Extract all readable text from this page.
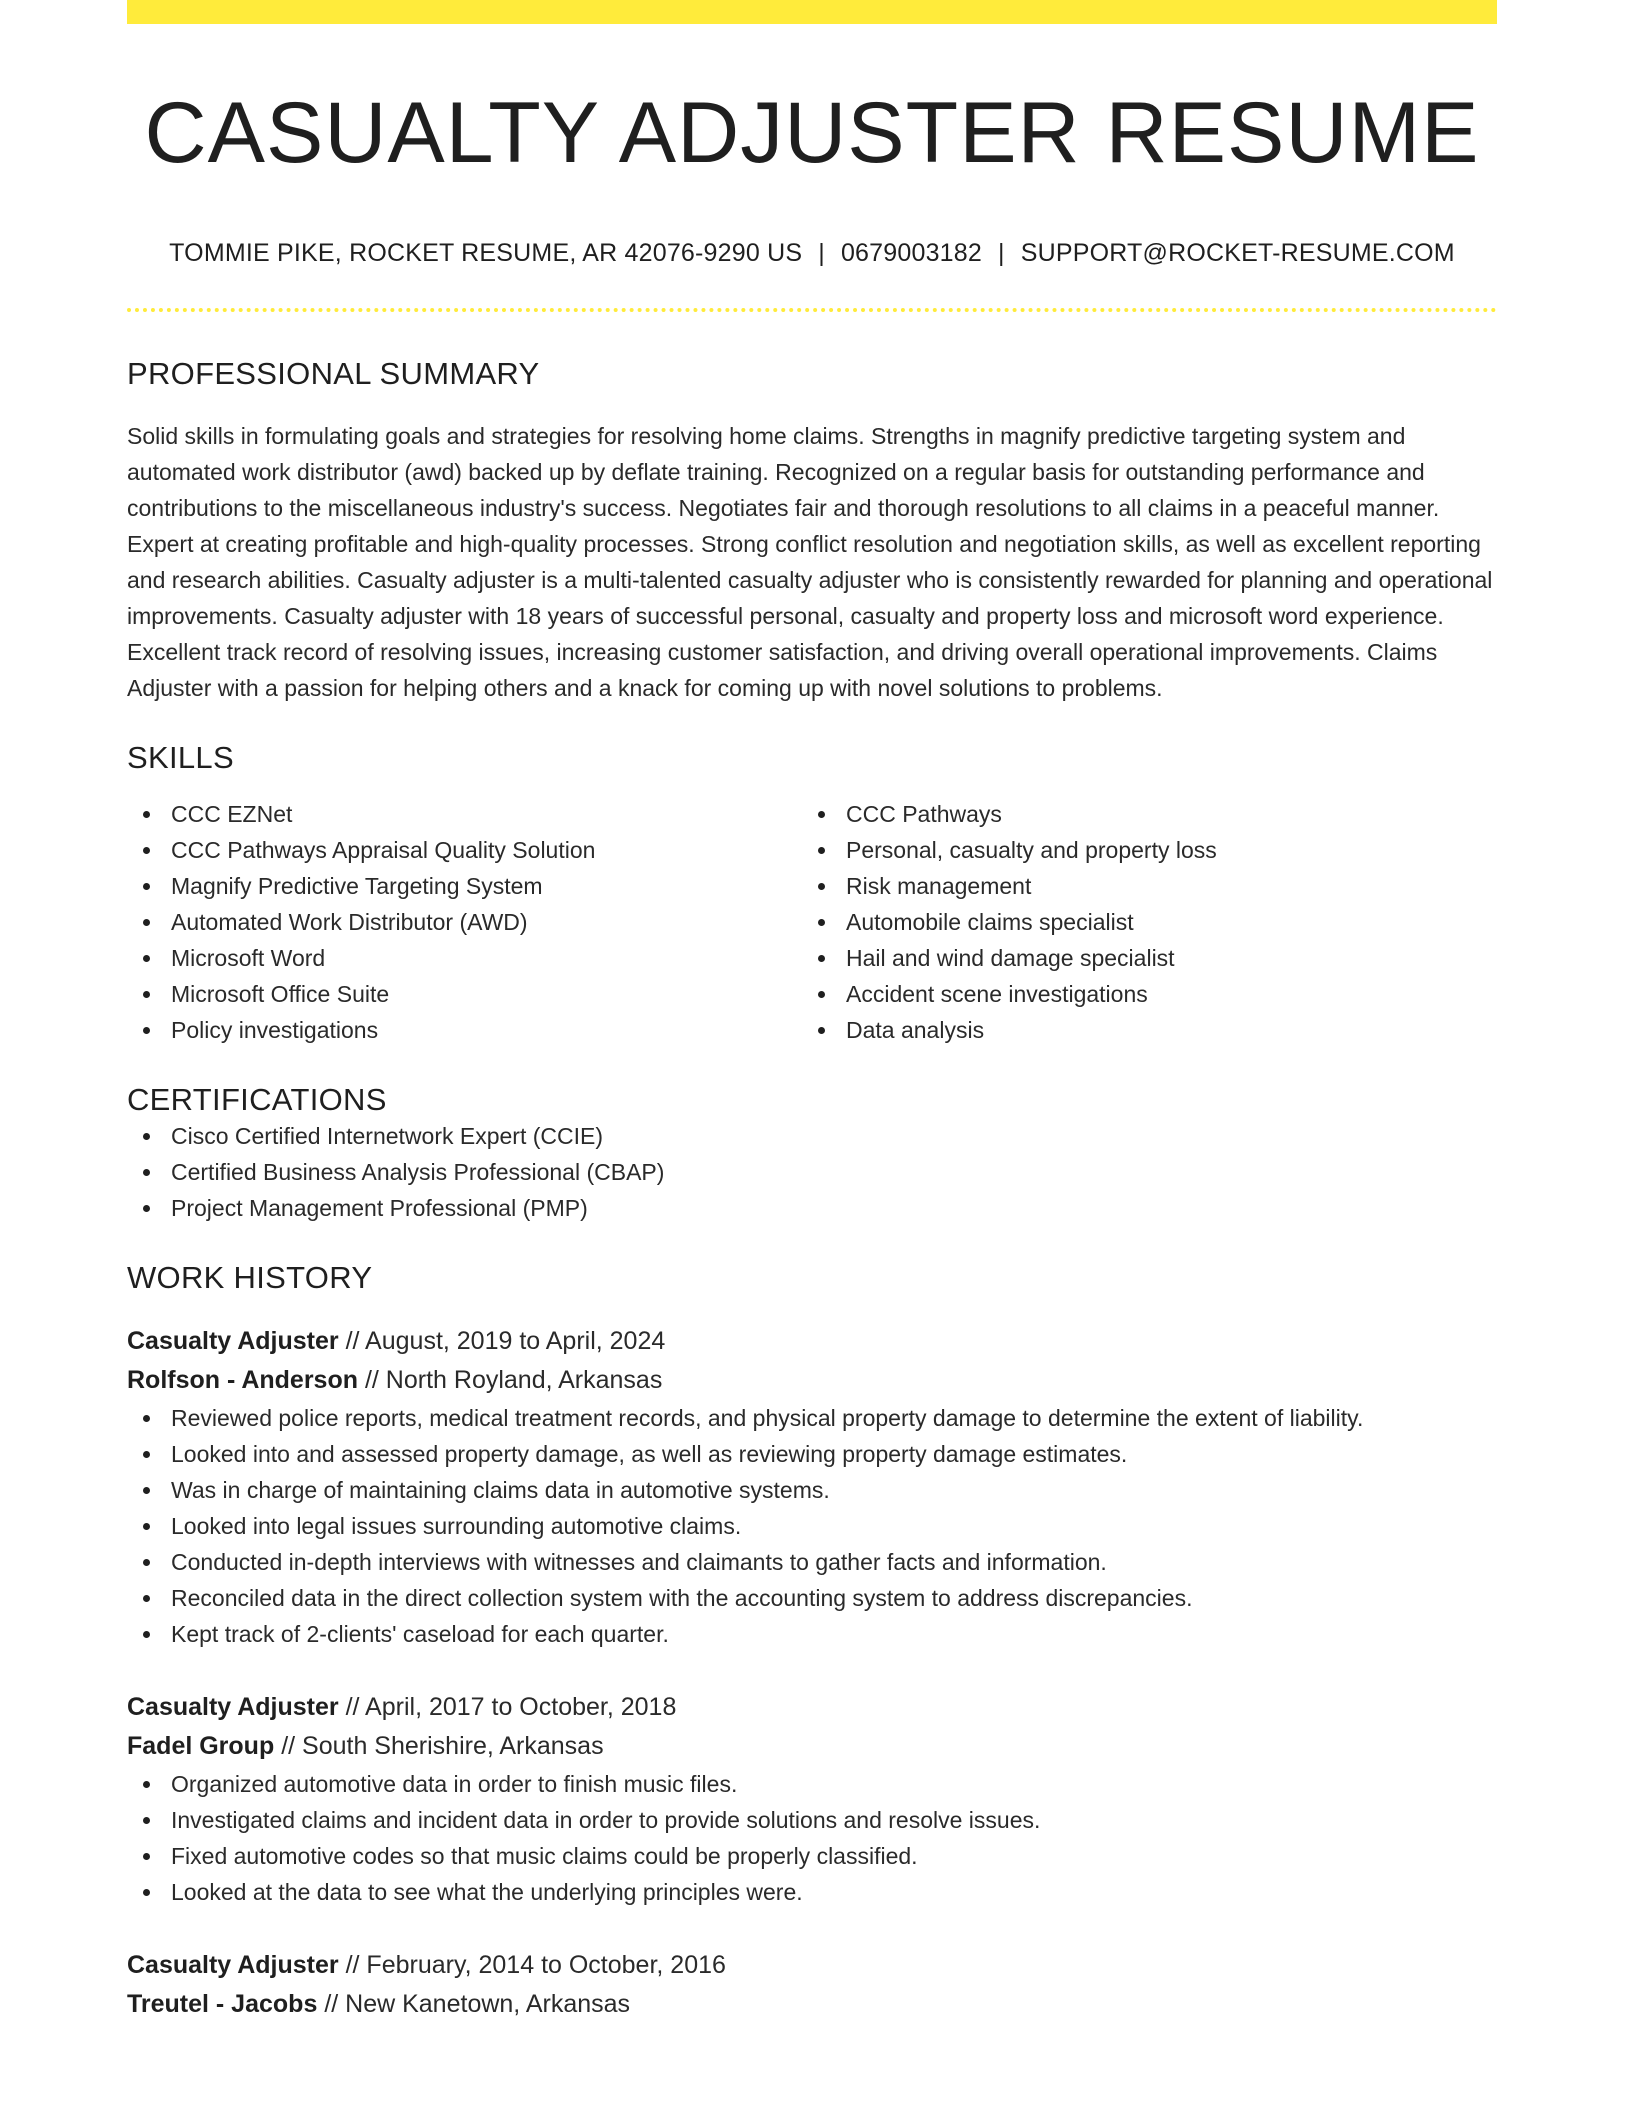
CASUALTY ADJUSTER RESUME
TOMMIE PIKE, ROCKET RESUME, AR 42076-9290 US | 0679003182 | SUPPORT@ROCKET-RESUME.COM
PROFESSIONAL SUMMARY

Solid skills in formulating goals and strategies for resolving home claims. Strengths in magnify predictive targeting system and automated work distributor (awd) backed up by deflate training. Recognized on a regular basis for outstanding performance and contributions to the miscellaneous industry's success. Negotiates fair and thorough resolutions to all claims in a peaceful manner. Expert at creating profitable and high-quality processes. Strong conflict resolution and negotiation skills, as well as excellent reporting and research abilities. Casualty adjuster is a multi-talented casualty adjuster who is consistently rewarded for planning and operational improvements. Casualty adjuster with 18 years of successful personal, casualty and property loss and microsoft word experience. Excellent track record of resolving issues, increasing customer satisfaction, and driving overall operational improvements. Claims Adjuster with a passion for helping others and a knack for coming up with novel solutions to problems.

SKILLS
CCC EZNet
CCC Pathways Appraisal Quality Solution
Magnify Predictive Targeting System
Automated Work Distributor (AWD)
Microsoft Word
Microsoft Office Suite
Policy investigations
CCC Pathways
Personal, casualty and property loss
Risk management
Automobile claims specialist
Hail and wind damage specialist
Accident scene investigations
Data analysis
CERTIFICATIONS
Cisco Certified Internetwork Expert (CCIE)
Certified Business Analysis Professional (CBAP)
Project Management Professional (PMP)
WORK HISTORY
Casualty Adjuster // August, 2019 to April, 2024
Rolfson - Anderson // North Royland, Arkansas
Reviewed police reports, medical treatment records, and physical property damage to determine the extent of liability.
Looked into and assessed property damage, as well as reviewing property damage estimates.
Was in charge of maintaining claims data in automotive systems.
Looked into legal issues surrounding automotive claims.
Conducted in-depth interviews with witnesses and claimants to gather facts and information.
Reconciled data in the direct collection system with the accounting system to address discrepancies.
Kept track of 2-clients' caseload for each quarter.
Casualty Adjuster // April, 2017 to October, 2018
Fadel Group // South Sherishire, Arkansas
Organized automotive data in order to finish music files.
Investigated claims and incident data in order to provide solutions and resolve issues.
Fixed automotive codes so that music claims could be properly classified.
Looked at the data to see what the underlying principles were.
Casualty Adjuster // February, 2014 to October, 2016
Treutel - Jacobs // New Kanetown, Arkansas
